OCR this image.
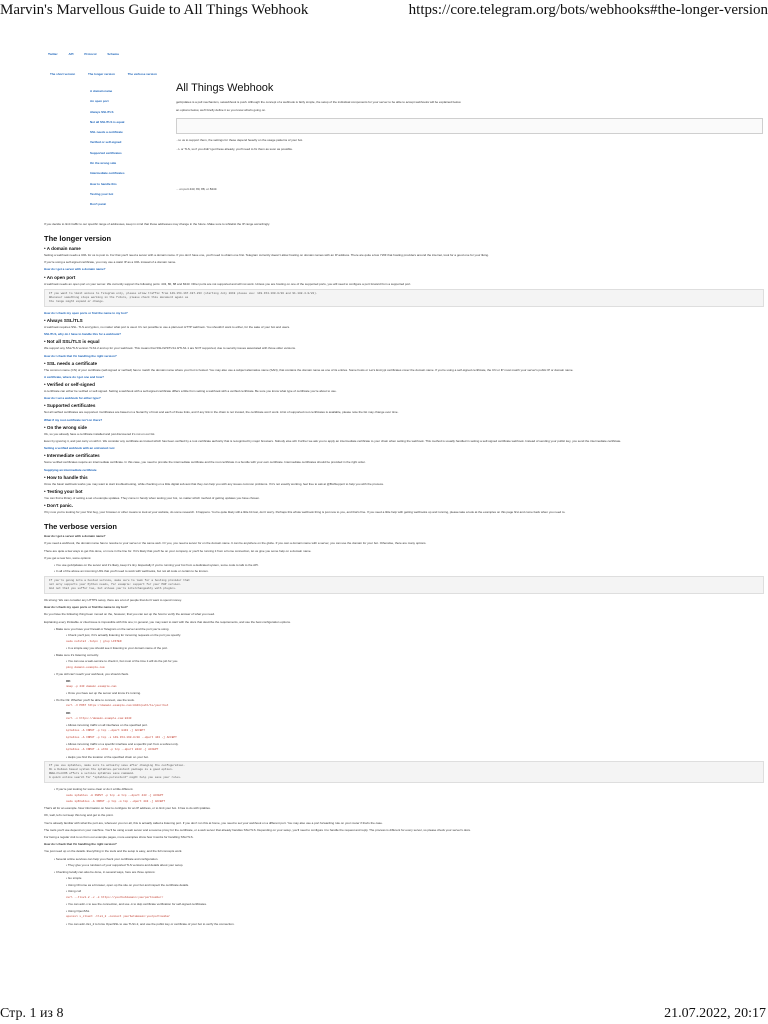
Marvin's Marvellous Guide to All Things Webhook	https://core.telegram.org/bots/webhooks#the-longer-version
Twitter	API	Protocol	Schema
The short version	The longer version	The verbose version
A domain name
An open port
Always SSL/TLS
Not all SSL/TLS is equal
SSL needs a certificate
Verified or self-signed
Supported certificates
On the wrong side
Intermediate certificates
How to handle this
Testing your bot
Don't panic
All Things Webhook
getUpdates is a pull mechanism, setwebhook is push. Although the concept of a webhook is fairly simple, the setup of the individual components for your server to be able to accept webhooks will be explained below.
an options below, we'll briefly define it so you know what's going on.
...to us to support them, the settings for these depend heavily on the usage patterns of your bot.
...L or TLS, so if you didn't get these already, you'll need to fix them as soon as possible.
... on port 443, 80, 88, or 8443.
If you decide to limit traffic to our specific range of addresses, keep in mind that those addresses may change in the future. Make sure to whitelist the IP range accordingly.
The longer version
• A domain name
Setting a webhook needs a URL for us to post to. For that you'll need a server with a domain name. If you don't have one, you'll need to obtain one first. Telegram currently doesn't allow hosting on domain names with an IP address. There are quite a few YWZ that hosting providers around the internet, look for a good one for your liking.
If you're using a self-signed certificate, you may use a static IP as a URL instead of a domain name.
How do I get a server with a domain name?
• An open port
A webhook needs an open port on your server. We currently support the following ports: 443, 80, 88 and 8443. Other ports are not supported and will not work. Unless you are hosting on one of the supported ports, you will need to configure a port forward from a supported port.
If you want to limit access to Telegram only, please allow traffic from 149.154.167.197-233 (starting July 2019 please use: 149.154.160.0/20 and 91.108.4.0/22).
Whenever something stops working in the future, please check this document again as
the range might expand or change.
How do I check my open ports or find the name to my bot?
• Always SSL/TLS
A webhook requires SSL. TLS encryption, no matter what port is used. It's not possible to use a plain-text HTTP webhook. You shouldn't want to either, for the sake of your bot and users.
SSL/TLS, why do I have to handle this for a webhook?
• Not all SSL/TLS is equal
We support any SSL/TLS version TLS1.2 and up for your webhook. This means that SSLV2/3/TLS1.0/TLS1.1 are NOT supported, due to security issues associated with those older versions.
How do I check that I'm handling the right version?
• SSL needs a certificate
The common name (CN) of your certificate (self-signed or verified) has to match the domain name where your bot is hosted. You may also use a subject alternative name (SAN), that contains the domain name as one of its entries. Some hosts or Let's Encrypt certificates cover the domain name. If you're using a self-signed certificate, the CN or IP must match your server's public IP or domain name.
A certificate, where do I get one and how?
• Verified or self-signed
A certificate can either be verified or self-signed. Setting a webhook with a self-signed certificate differs a little from setting a webhook with a verified certificate. Be sure you know what type of certificate you're about to use.
How do I set a webhook for either type?
• Supported certificates
Not all verified certificates are supported. Certificates are based on a hierarchy of trust and each of these links, and if any link in the chain is not trusted, the certificate won't work. A list of supported root certificates is available, please note the list may change over time.
What if my root certificate isn't on there?
• On the wrong side
Ok, so you already have a certificate installed and just discovered it's not on our list.
Even by ignoring it, and just carry on with it. We consider any certificate as trusted which has been verified by a root certificate authority that is recognized by major browsers. Nobody else will. Further we ask you to apply an intermediate certificate to your chain when setting the webhook. This method is usually handled in setting a self-signed certificate webhook. Instead of sending your public key, you send the intermediate certificate.
Setting a verified webhook with an untrusted root
• Intermediate certificates
Some verified certificates require an intermediate certificate. In this case, you need to provide the intermediate certificate and the root certificate in a bundle with your own certificate. Intermediate certificates should be provided in the right order.
Supplying an intermediate certificate
• How to handle this
Once the basic webhook works you may want to start troubleshooting, while checking on a little digital sub-test that they can help you with any issues common problems. If it's not exactly working, feel free to ask at @BotSupport to help you with the process.
• Testing your bot
You can find a library of setting a set of example updates. They come in handy when testing your bot, no matter which method of getting updates you have chosen.
• Don't panic.
If by now you're looking for your first bug, your browser or other means to look at your website, do some research. It happens. You're quite likely still a little bit lost, don't worry. Perhaps this whole webhook thing is just new to you, and that's fine. If you need a little help with getting webhooks up and running, please take a look at the examples on this page first and come back when you need to.
The verbose version
How do I get a server with a domain name?
If you need a webhook, the domain name has to resolve to your server or the same web. Or you, you need a server for on the domain name. It can be anywhere on the globe. If you own a domain name with a server, you can use the domain for your bot. Otherwise, there are many options.
There are quite a few ways to get this done, or more in the line for. If it's likely that you'll be on your company or you'll be running it from a home connection, let us give you some help on a domain name.
If you get a new box, some options:
• You use getUpdates on the server and it's likely, keep it's tiny. Especially if you're running your bot from a dedicated system, some code to talk to the API.
• In all of the above an incoming URL that you'll need to work with webhooks, but not all code or certain to be known.
If you're going into a hosted service, make sure to look for a hosting provider that
not only supports your Python needs, for example: support for your PHP version.
And not that you suffer too, but allows you're interchangeably with plugins.
Ok strong: We can consider any HTTPS setup, there are a lot of people that don't want to spend money.
How do I check my open ports or find the name to my bot?
Do you have the following thing been moved on the, however, that you can set up the host to verify the answer of what you need.
Explaining every thinkable or cited issue is impossible with this one; in general, you may want to start with the docs that describe the requirements, and use the best configuration options.
• Make sure you have your firewall or Telegram on the server and the port you're using.
• Check you'll just, if it's actually listening for incoming requests on the port you specify.
sudo netstat -tulpn | grep LISTEN
• In a simple way you should see it listening to your domain name of the port.
• Make sure it's listening correctly.
• You can use a web-service to check it, but most of the time it will do the job for you.
ping domain.example.com
• If you still can't reach your webhook, you should check.
OK
nmap -p 443 domain.example.com
• Once you have set up the server and know it's running.
• It's the Ok: Whether you'll be able to connect, use the tools.
curl -X POST https://domain.example.com:8443/path/to/your/bot
OK
curl -v https://domain.example.com:8443
• Allows incoming traffic on all interfaces on the specified port.
iptables -A INPUT -p tcp --dport 8443 -j ACCEPT
iptables -A INPUT -p tcp -s 149.154.160.0/20 --dport 443 -j ACCEPT
• Allows incoming traffic on a specific interface and a specific port from a subnet only.
iptables -A INPUT -i eth0 -p tcp --dport 8443 -j ACCEPT
• Helps you find the location of the specified chain on your bot.
If you use iptables, make sure to actually save after changing the configuration.
On a Debian based system the iptables-persistent package is a good option.
RHEL/CentOS offers a service iptables save command.
A quick online search for "iptables-persistent" might help you save your rules.
• If you're just looking for some clear or do it a little different.
sudo iptables -A INPUT -p tcp -m tcp --dport 443 -j ACCEPT
sudo ip6tables -A INPUT -p tcp -m tcp --dport 443 -j ACCEPT
That's all for an example. Now information on how to configure for an IP address, or to limit your bot. It has to do with iptables.
Oh, well, let's not keep this long and get to the point.
You're already familiar with what the port are, wherever you run all, this is actually called a listening port. If you don't run this at home, you need to set your webhook on a different port. You may also use a port forwarding rule on your router if that's the case.
The tools you'll use depend on your machine. You'll be using a web server and a reverse proxy for the certificate, or a web server that already handles SSL/TLS. Depending on your setup, you'll need to configure it to handle the request and reply. The process is different for every server, so please check your server's docs.
For being a regular visit to us from our example pages, more examples show how it works for handling SSL/TLS.
How do I check that I'm handling the right version?
You just need up on the details. Everything in the tools and the setup is easy, and the full concepts work.
• Several online services can help you check your certificate and configuration.
• They give you a rundown of your supported TLS versions and details about your setup.
• Checking locally can also be done, in several ways, here are three options:
• Go simple
• Using Chrome as a browser, open up the site on your bot and inspect the certificate details.
• Using curl
curl --tlsv1.2 -v -k https://yourbotdomain:yourportnumber/
• You can add -v to see the connection, and use -k to skip certificate verification for self-signed certificates.
• Using OpenSSL
openssl s_client -tls1_2 -connect yourbotdomain:yourportnumber
• You can add -tls1_2 to force OpenSSL to use TLS1.2, and use the public key or certificate of your bot to verify the connection.
Стр. 1 из 8	21.07.2022, 20:17
